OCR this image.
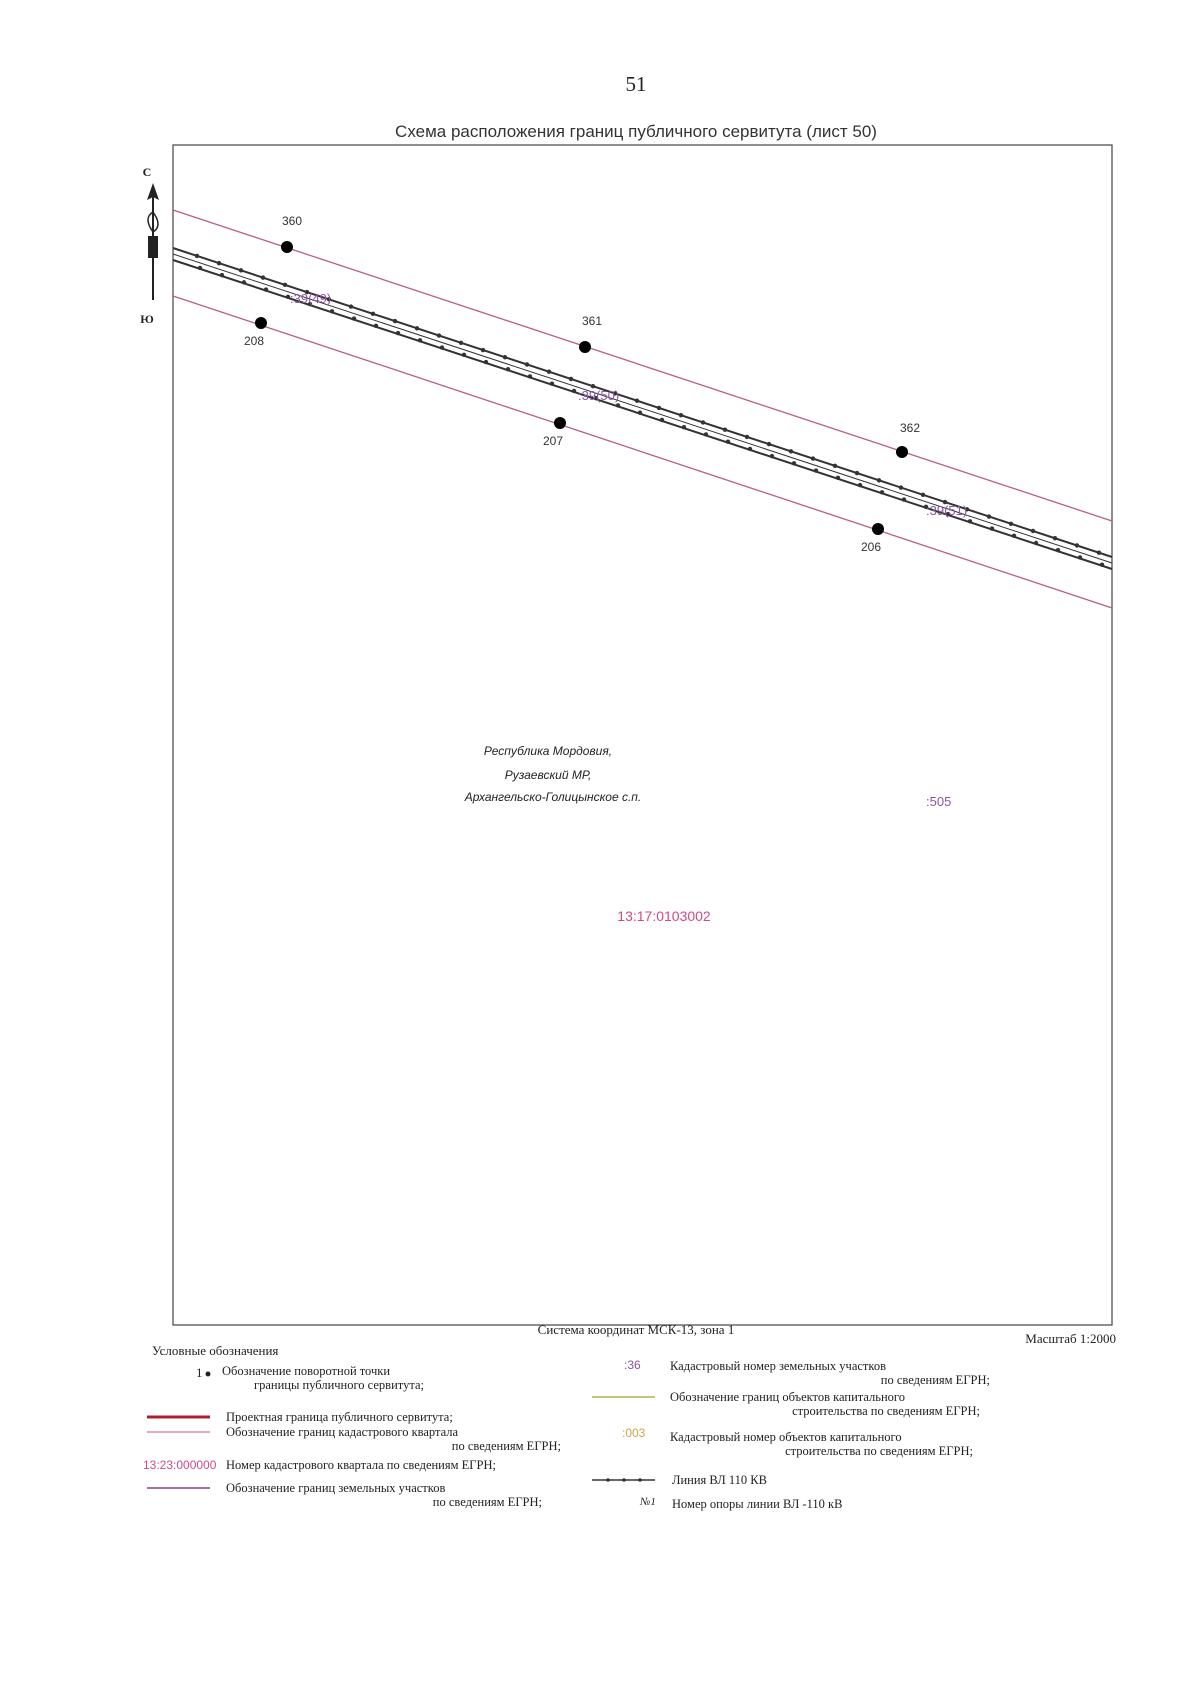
51
Схема расположения границ публичного сервитута (лист 50)
С
Ю
:39(49)
:39(50)
:39(51)
:505
360
361
362
208
207
206
Республика Мордовия,
Рузаевский МР,
Архангельско-Голицынское с.п.
13:17:0103002
1
13:23:000000
:36
:003
№1
Система координат МСК-13, зона 1
Масштаб 1:2000
Условные обозначения
Обозначение поворотной точки
границы публичного сервитута;
Проектная граница публичного сервитута;
Обозначение границ кадастрового квартала
по сведениям ЕГРН;
Номер кадастрового квартала по сведениям ЕГРН;
Обозначение границ земельных участков
по сведениям ЕГРН;
Кадастровый номер земельных участков
по сведениям ЕГРН;
Обозначение границ объектов капитального
строительства по сведениям ЕГРН;
Кадастровый номер объектов капитального
строительства по сведениям ЕГРН;
Линия ВЛ 110 КВ
Номер опоры линии ВЛ -110 кВ
